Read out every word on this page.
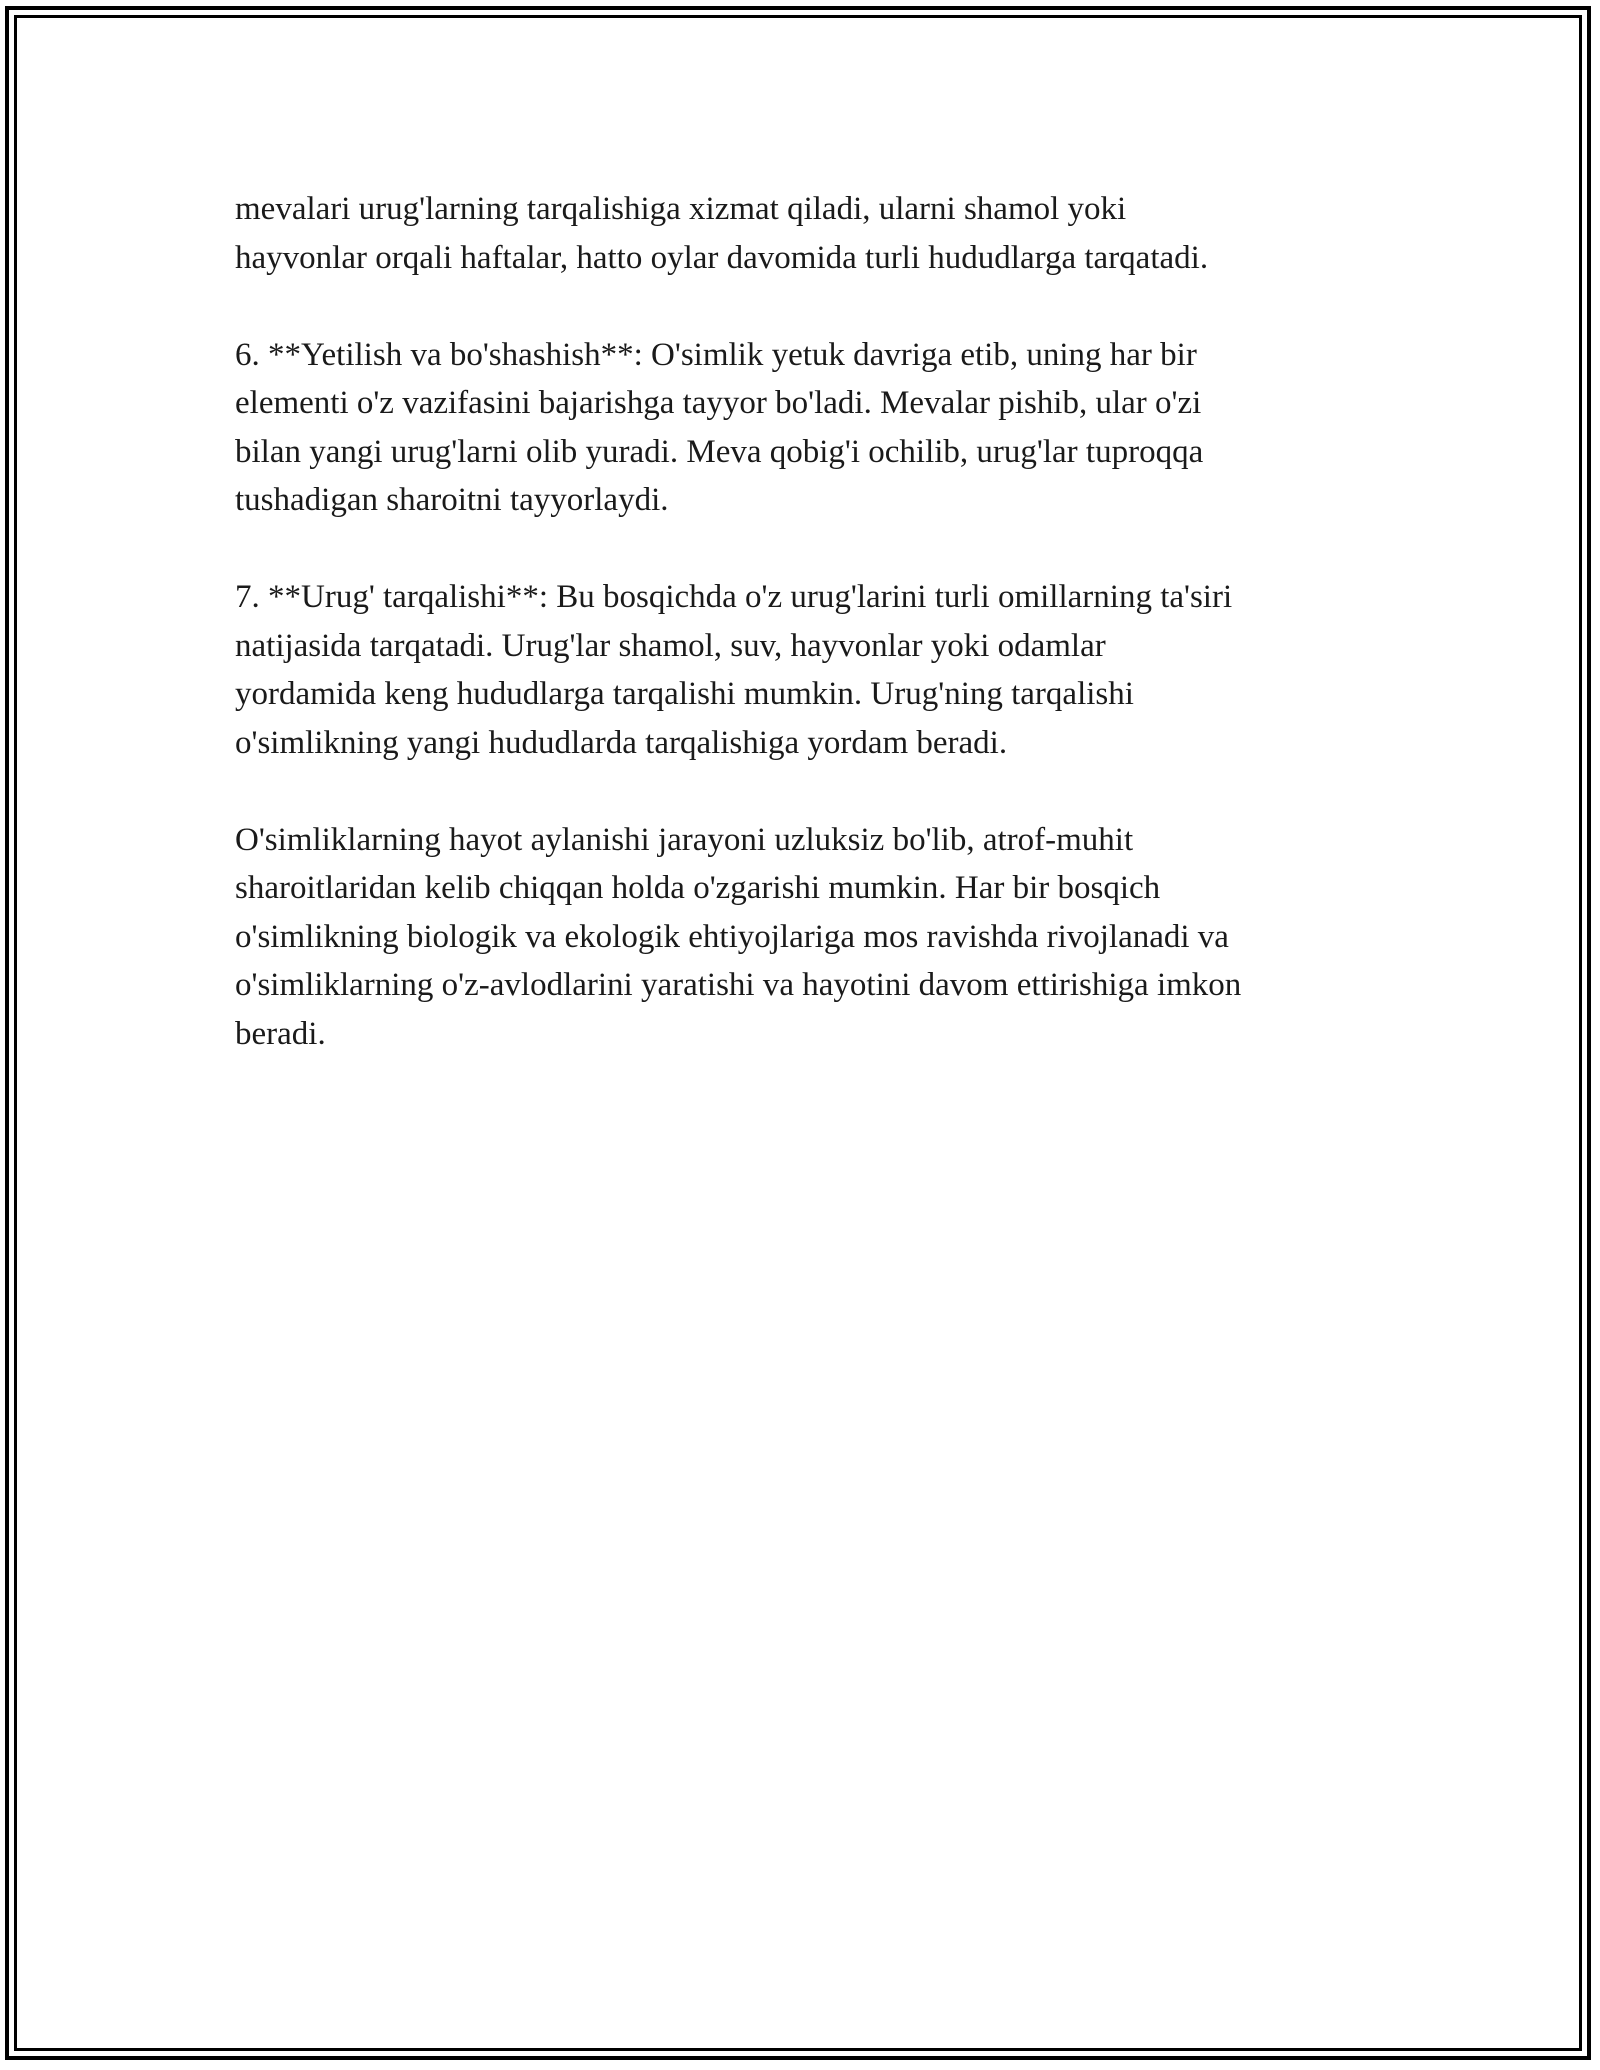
mevalari urug'larning tarqalishiga xizmat qiladi, ularni shamol yoki
hayvonlar orqali haftalar, hatto oylar davomida turli hududlarga tarqatadi.

6. **Yetilish va bo'shashish**: O'simlik yetuk davriga etib, uning har bir
elementi o'z vazifasini bajarishga tayyor bo'ladi. Mevalar pishib, ular o'zi
bilan yangi urug'larni olib yuradi. Meva qobig'i ochilib, urug'lar tuproqqa
tushadigan sharoitni tayyorlaydi.

7. **Urug' tarqalishi**: Bu bosqichda o'z urug'larini turli omillarning ta'siri
natijasida tarqatadi. Urug'lar shamol, suv, hayvonlar yoki odamlar
yordamida keng hududlarga tarqalishi mumkin. Urug'ning tarqalishi
o'simlikning yangi hududlarda tarqalishiga yordam beradi.

O'simliklarning hayot aylanishi jarayoni uzluksiz bo'lib, atrof-muhit
sharoitlaridan kelib chiqqan holda o'zgarishi mumkin. Har bir bosqich
o'simlikning biologik va ekologik ehtiyojlariga mos ravishda rivojlanadi va
o'simliklarning o'z-avlodlarini yaratishi va hayotini davom ettirishiga imkon
beradi.
